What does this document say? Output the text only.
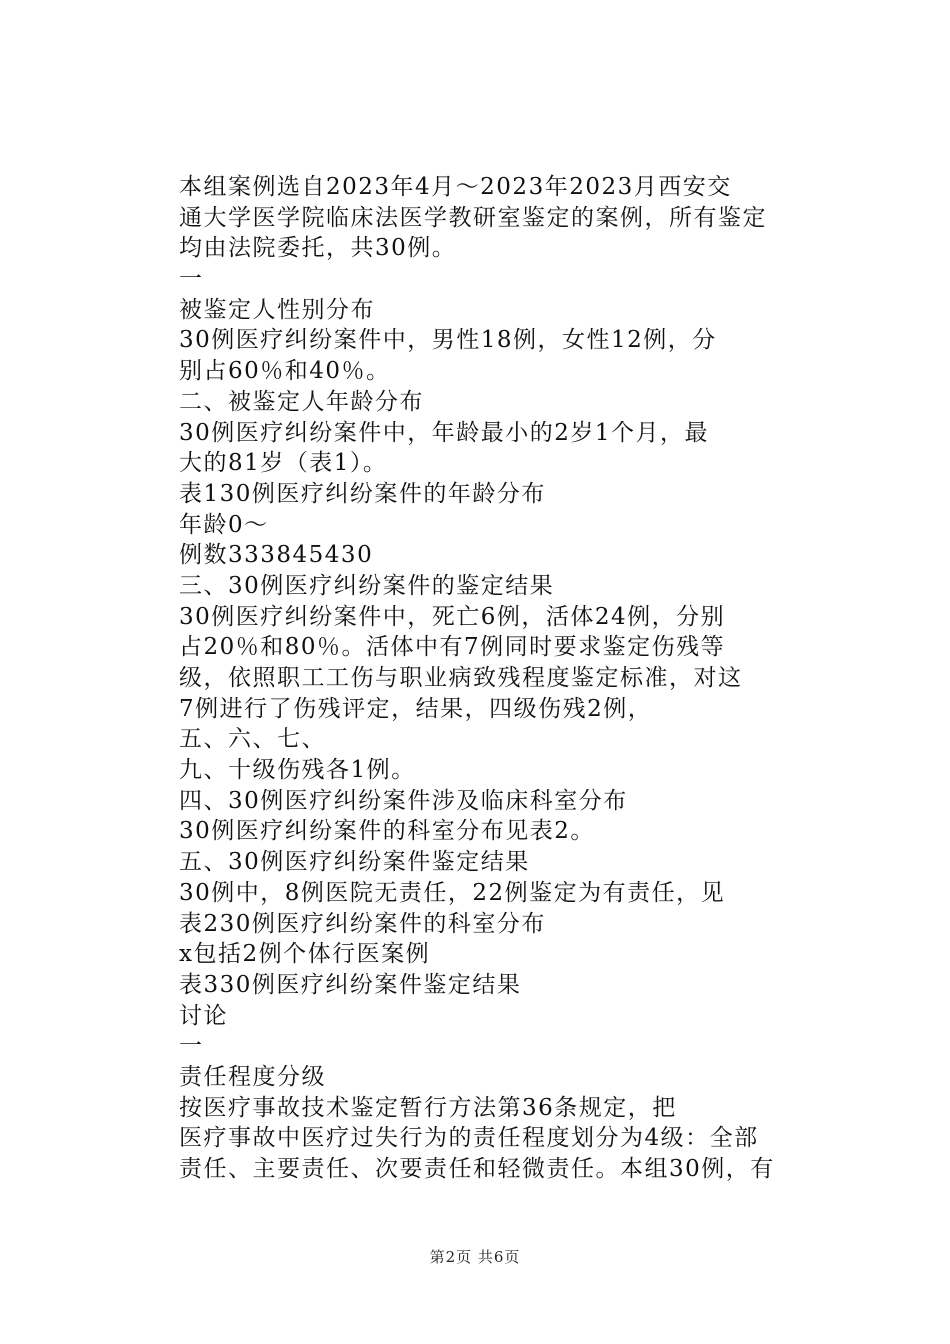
本组案例选自2023年4月～2023年2023月西安交
通大学医学院临床法医学教研室鉴定的案例，所有鉴定
均由法院委托，共30例。
一
被鉴定人性别分布
30例医疗纠纷案件中，男性18例，女性12例，分
别占60％和40％。
二、被鉴定人年龄分布
30例医疗纠纷案件中，年龄最小的2岁1个月，最
大的81岁（表1）。
表130例医疗纠纷案件的年龄分布
年龄0～
例数333845430
三、30例医疗纠纷案件的鉴定结果
30例医疗纠纷案件中，死亡6例，活体24例，分别
占20％和80％。活体中有7例同时要求鉴定伤残等
级，依照职工工伤与职业病致残程度鉴定标准，对这
7例进行了伤残评定，结果，四级伤残2例，
五、六、七、
九、十级伤残各1例。
四、30例医疗纠纷案件涉及临床科室分布
30例医疗纠纷案件的科室分布见表2。
五、30例医疗纠纷案件鉴定结果
30例中，8例医院无责任，22例鉴定为有责任，见
表230例医疗纠纷案件的科室分布
x包括2例个体行医案例
表330例医疗纠纷案件鉴定结果
讨论
一
责任程度分级
按医疗事故技术鉴定暂行方法第36条规定，把
医疗事故中医疗过失行为的责任程度划分为4级：全部
责任、主要责任、次要责任和轻微责任。本组30例，有
第2页 共6页
